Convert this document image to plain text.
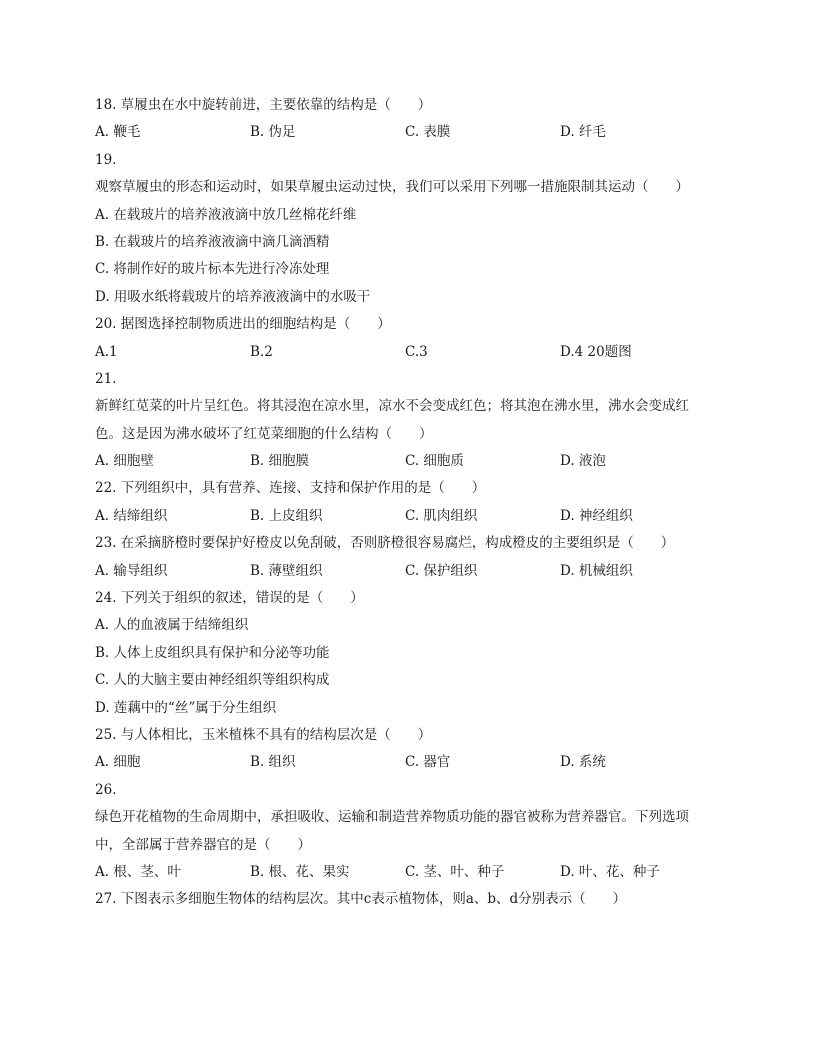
18. 草履虫在水中旋转前进，主要依靠的结构是（　　）
A. 鞭毛	B. 伪足	C. 表膜	D. 纤毛
19.
观察草履虫的形态和运动时，如果草履虫运动过快，我们可以采用下列哪一措施限制其运动（　　）
A. 在载玻片的培养液液滴中放几丝棉花纤维
B. 在载玻片的培养液液滴中滴几滴酒精
C. 将制作好的玻片标本先进行冷冻处理
D. 用吸水纸将载玻片的培养液液滴中的水吸干
20. 据图选择控制物质进出的细胞结构是（　　）
A.1	B.2	C.3	D.4 20题图
21.
新鲜红苋菜的叶片呈红色。将其浸泡在凉水里，凉水不会变成红色；将其泡在沸水里，沸水会变成红
色。这是因为沸水破坏了红苋菜细胞的什么结构（　　）
A. 细胞壁	B. 细胞膜	C. 细胞质	D. 液泡
22. 下列组织中，具有营养、连接、支持和保护作用的是（　　）
A. 结缔组织	B. 上皮组织	C. 肌肉组织	D. 神经组织
23. 在采摘脐橙时要保护好橙皮以免刮破，否则脐橙很容易腐烂，构成橙皮的主要组织是（　　）
A. 输导组织	B. 薄壁组织	C. 保护组织	D. 机械组织
24. 下列关于组织的叙述，错误的是（　　）
A. 人的血液属于结缔组织
B. 人体上皮组织具有保护和分泌等功能
C. 人的大脑主要由神经组织等组织构成
D. 莲藕中的“丝”属于分生组织
25. 与人体相比，玉米植株不具有的结构层次是（　　）
A. 细胞	B. 组织	C. 器官	D. 系统
26.
绿色开花植物的生命周期中，承担吸收、运输和制造营养物质功能的器官被称为营养器官。下列选项
中，全部属于营养器官的是（　　）
A. 根、茎、叶	B. 根、花、果实	C. 茎、叶、种子	D. 叶、花、种子
27. 下图表示多细胞生物体的结构层次。其中c表示植物体，则a、b、d分别表示（　　）
